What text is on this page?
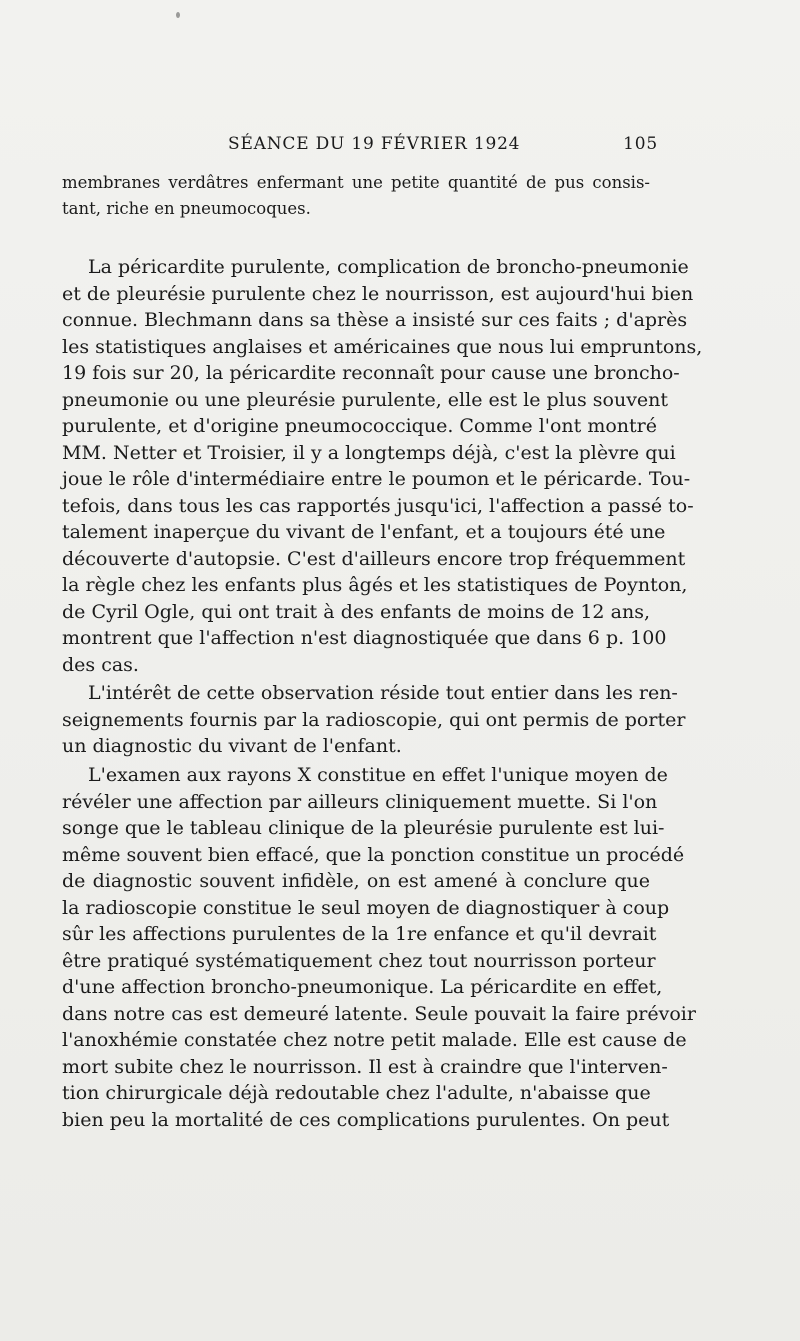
SÉANCE DU 19 FÉVRIER 1924	105
membranes verdâtres enfermant une petite quantité de pus consis-
tant, riche en pneumocoques.
La péricardite purulente, complication de broncho-pneumonie
et de pleurésie purulente chez le nourrisson, est aujourd'hui bien
connue. Blechmann dans sa thèse a insisté sur ces faits ; d'après
les statistiques anglaises et américaines que nous lui empruntons,
19 fois sur 20, la péricardite reconnaît pour cause une broncho-
pneumonie ou une pleurésie purulente, elle est le plus souvent
purulente, et d'origine pneumococcique. Comme l'ont montré
MM. Netter et Troisier, il y a longtemps déjà, c'est la plèvre qui
joue le rôle d'intermédiaire entre le poumon et le péricarde. Tou-
tefois, dans tous les cas rapportés jusqu'ici, l'affection a passé to-
talement inaperçue du vivant de l'enfant, et a toujours été une
découverte d'autopsie. C'est d'ailleurs encore trop fréquemment
la règle chez les enfants plus âgés et les statistiques de Poynton,
de Cyril Ogle, qui ont trait à des enfants de moins de 12 ans,
montrent que l'affection n'est diagnostiquée que dans 6 p. 100
des cas.
L'intérêt de cette observation réside tout entier dans les ren-
seignements fournis par la radioscopie, qui ont permis de porter
un diagnostic du vivant de l'enfant.
L'examen aux rayons X constitue en effet l'unique moyen de
révéler une affection par ailleurs cliniquement muette. Si l'on
songe que le tableau clinique de la pleurésie purulente est lui-
même souvent bien effacé, que la ponction constitue un procédé
de diagnostic souvent infidèle, on est amené à conclure que
la radioscopie constitue le seul moyen de diagnostiquer à coup
sûr les affections purulentes de la 1re enfance et qu'il devrait
être pratiqué systématiquement chez tout nourrisson porteur
d'une affection broncho-pneumonique. La péricardite en effet,
dans notre cas est demeuré latente. Seule pouvait la faire prévoir
l'anoxhémie constatée chez notre petit malade. Elle est cause de
mort subite chez le nourrisson. Il est à craindre que l'interven-
tion chirurgicale déjà redoutable chez l'adulte, n'abaisse que
bien peu la mortalité de ces complications purulentes. On peut
